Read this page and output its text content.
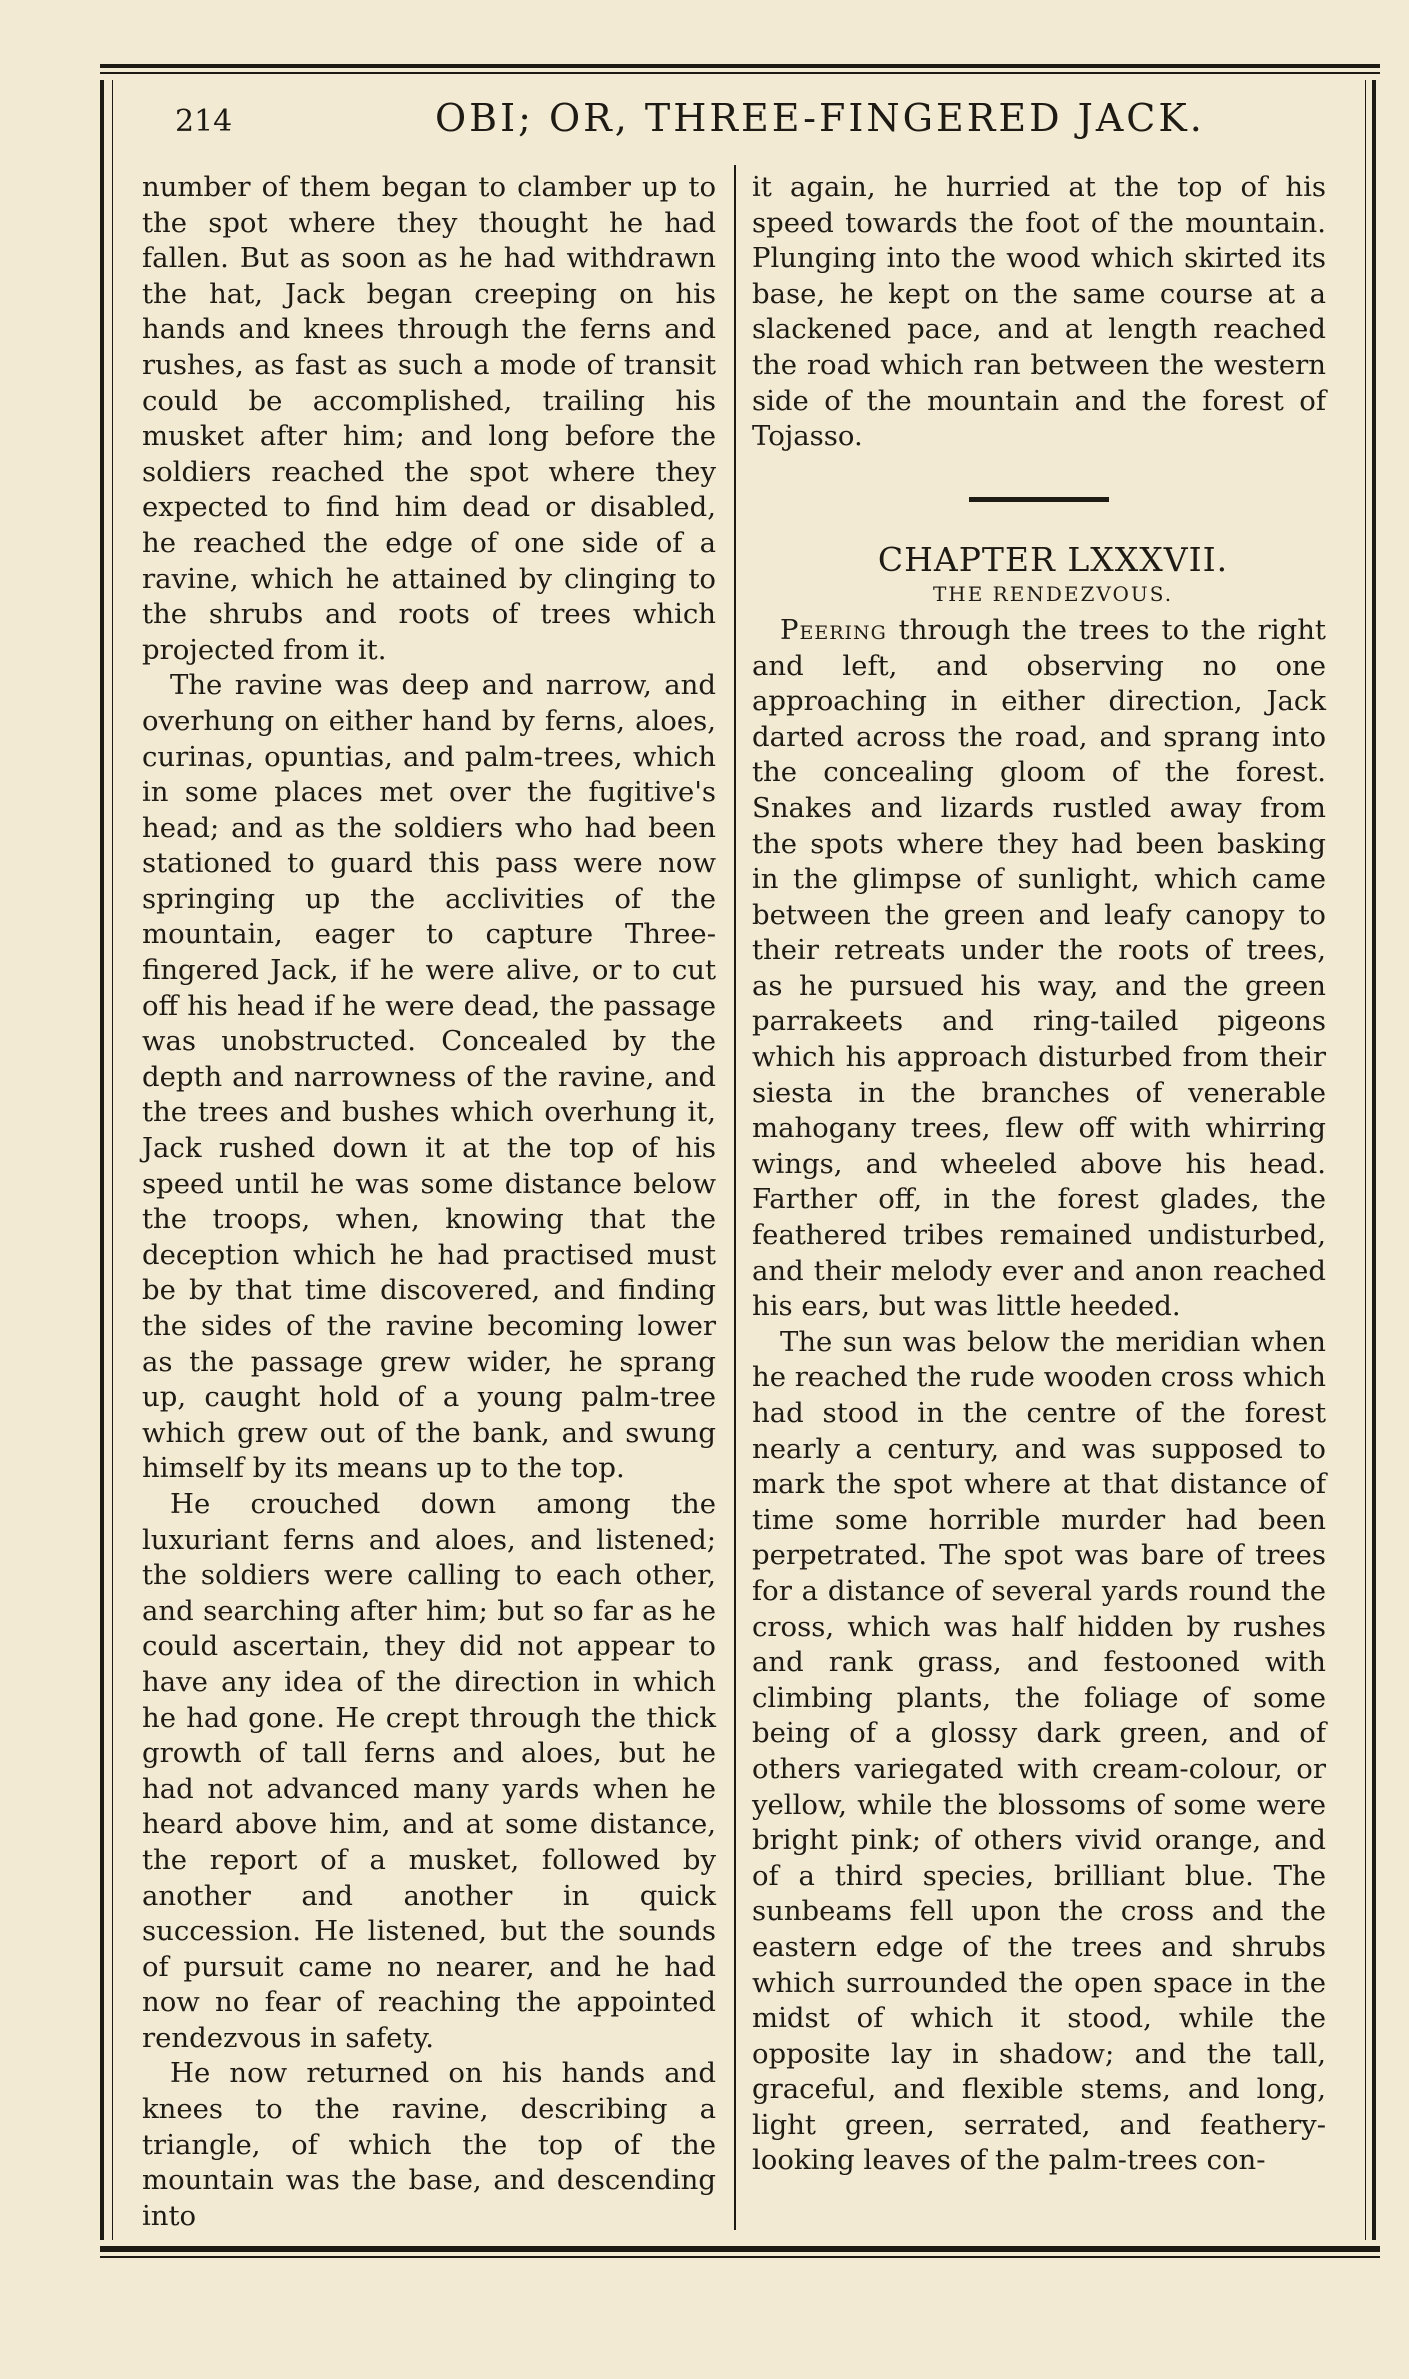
214	OBI; OR, THREE-FINGERED JACK.

number of them began to clamber up to the spot where they thought he had fallen. But as soon as he had withdrawn the hat, Jack began creeping on his hands and knees through the ferns and rushes, as fast as such a mode of transit could be accomplished, trailing his musket after him; and long before the soldiers reached the spot where they expected to find him dead or disabled, he reached the edge of one side of a ravine, which he attained by clinging to the shrubs and roots of trees which projected from it.

The ravine was deep and narrow, and overhung on either hand by ferns, aloes, curinas, opuntias, and palm-trees, which in some places met over the fugitive's head; and as the soldiers who had been stationed to guard this pass were now springing up the acclivities of the mountain, eager to capture Three-fingered Jack, if he were alive, or to cut off his head if he were dead, the passage was unobstructed. Concealed by the depth and narrowness of the ravine, and the trees and bushes which overhung it, Jack rushed down it at the top of his speed until he was some distance below the troops, when, knowing that the deception which he had practised must be by that time discovered, and finding the sides of the ravine becoming lower as the passage grew wider, he sprang up, caught hold of a young palm-tree which grew out of the bank, and swung himself by its means up to the top.

He crouched down among the luxuriant ferns and aloes, and listened; the soldiers were calling to each other, and searching after him; but so far as he could ascertain, they did not appear to have any idea of the direction in which he had gone. He crept through the thick growth of tall ferns and aloes, but he had not advanced many yards when he heard above him, and at some distance, the report of a musket, followed by another and another in quick succession. He listened, but the sounds of pursuit came no nearer, and he had now no fear of reaching the appointed rendezvous in safety.

He now returned on his hands and knees to the ravine, describing a triangle, of which the top of the mountain was the base, and descending into

it again, he hurried at the top of his speed towards the foot of the mountain. Plunging into the wood which skirted its base, he kept on the same course at a slackened pace, and at length reached the road which ran between the western side of the mountain and the forest of Tojasso.

CHAPTER LXXXVII.

THE RENDEZVOUS.

Peering through the trees to the right and left, and observing no one approaching in either direction, Jack darted across the road, and sprang into the concealing gloom of the forest. Snakes and lizards rustled away from the spots where they had been basking in the glimpse of sunlight, which came between the green and leafy canopy to their retreats under the roots of trees, as he pursued his way, and the green parrakeets and ring-tailed pigeons which his approach disturbed from their siesta in the branches of venerable mahogany trees, flew off with whirring wings, and wheeled above his head. Farther off, in the forest glades, the feathered tribes remained undisturbed, and their melody ever and anon reached his ears, but was little heeded.

The sun was below the meridian when he reached the rude wooden cross which had stood in the centre of the forest nearly a century, and was supposed to mark the spot where at that distance of time some horrible murder had been perpetrated. The spot was bare of trees for a distance of several yards round the cross, which was half hidden by rushes and rank grass, and festooned with climbing plants, the foliage of some being of a glossy dark green, and of others variegated with cream-colour, or yellow, while the blossoms of some were bright pink; of others vivid orange, and of a third species, brilliant blue. The sunbeams fell upon the cross and the eastern edge of the trees and shrubs which surrounded the open space in the midst of which it stood, while the opposite lay in shadow; and the tall, graceful, and flexible stems, and long, light green, serrated, and feathery-looking leaves of the palm-trees con-
